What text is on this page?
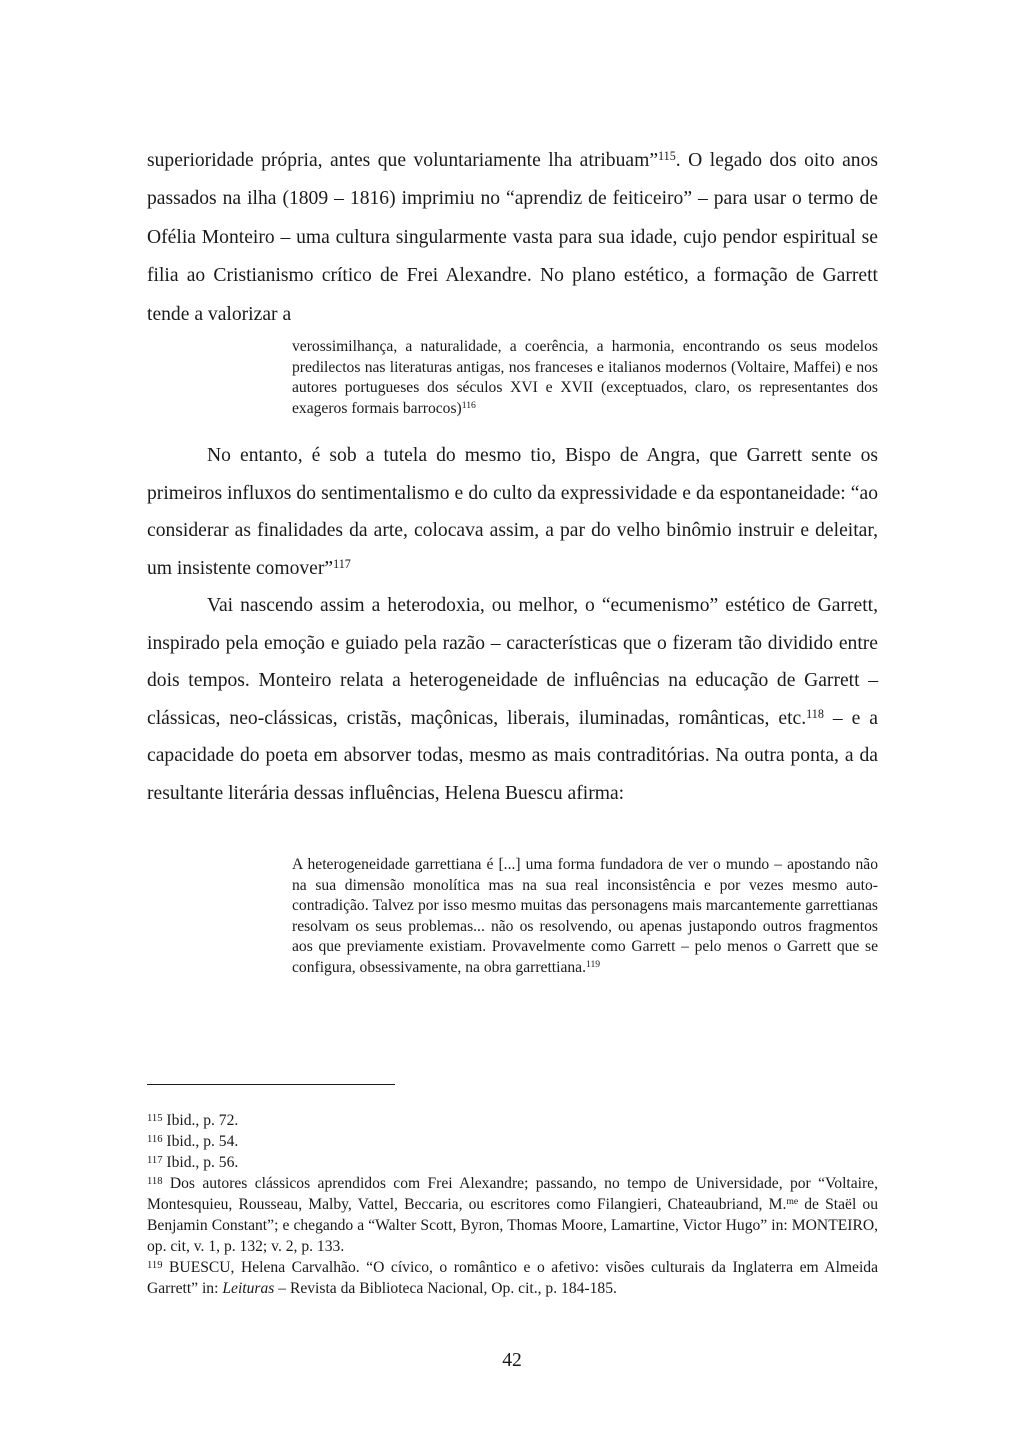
superioridade própria, antes que voluntariamente lha atribuam”$^{115}$. O legado dos oito anos passados na ilha (1809 – 1816) imprimiu no “aprendiz de feiticeiro” – para usar o termo de Ofélia Monteiro – uma cultura singularmente vasta para sua idade, cujo pendor espiritual se filia ao Cristianismo crítico de Frei Alexandre. No plano estético, a formação de Garrett tende a valorizar a

verossimilhança, a naturalidade, a coerência, a harmonia, encontrando os seus modelos predilectos nas literaturas antigas, nos franceses e italianos modernos (Voltaire, Maffei) e nos autores portugueses dos séculos XVI e XVII (exceptuados, claro, os representantes dos exageros formais barrocos)$^{116}$

No entanto, é sob a tutela do mesmo tio, Bispo de Angra, que Garrett sente os primeiros influxos do sentimentalismo e do culto da expressividade e da espontaneidade: “ao considerar as finalidades da arte, colocava assim, a par do velho binômio instruir e deleitar, um insistente comover”$^{117}$

Vai nascendo assim a heterodoxia, ou melhor, o “ecumenismo” estético de Garrett, inspirado pela emoção e guiado pela razão – características que o fizeram tão dividido entre dois tempos. Monteiro relata a heterogeneidade de influências na educação de Garrett – clássicas, neo-clássicas, cristãs, maçônicas, liberais, iluminadas, românticas, etc.$^{118}$ – e a capacidade do poeta em absorver todas, mesmo as mais contraditórias. Na outra ponta, a da resultante literária dessas influências, Helena Buescu afirma:

A heterogeneidade garrettiana é [...] uma forma fundadora de ver o mundo – apostando não na sua dimensão monolítica mas na sua real inconsistência e por vezes mesmo auto-contradição. Talvez por isso mesmo muitas das personagens mais marcantemente garrettianas resolvam os seus problemas... não os resolvendo, ou apenas justapondo outros fragmentos aos que previamente existiam. Provavelmente como Garrett – pelo menos o Garrett que se configura, obsessivamente, na obra garrettiana.$^{119}$
$^{115}$ Ibid., p. 72.
$^{116}$ Ibid., p. 54.
$^{117}$ Ibid., p. 56.
$^{118}$ Dos autores clássicos aprendidos com Frei Alexandre; passando, no tempo de Universidade, por “Voltaire, Montesquieu, Rousseau, Malby, Vattel, Beccaria, ou escritores como Filangieri, Chateaubriand, M.$^{me}$ de Staël ou Benjamin Constant”; e chegando a “Walter Scott, Byron, Thomas Moore, Lamartine, Victor Hugo” in: MONTEIRO, op. cit, v. 1, p. 132; v. 2, p. 133.
$^{119}$ BUESCU, Helena Carvalhão. “O cívico, o romântico e o afetivo: visões culturais da Inglaterra em Almeida Garrett” in: Leituras – Revista da Biblioteca Nacional, Op. cit., p. 184-185.
42
